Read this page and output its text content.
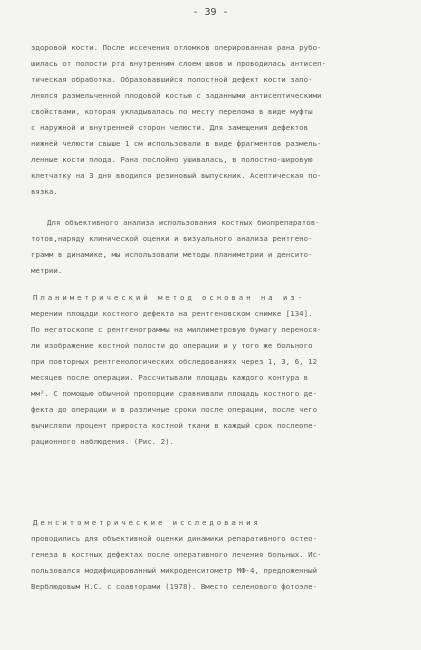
- 39 -
здоровой кости. После иссечения отломков оперированная рана рубо-
шилась от полости рта внутренним слоем швов и проводилась антисеп-
тическая обработка. Образовавшийся полостной дефект кости запо-
лнялся размельченной плодовой костью с заданными антисептическими
свойствами, которая укладывалась по месту перелома в виде муфты
с наружной и внутренней сторон челюсти. Для замещения дефектов
нижней челюсти свыше 1 см использовали в виде фрагментов размель-
ленные кости плода. Рана послойно ушивалась, в полостно-шировую
клетчатку на 3 дня вводился резиновый выпускник. Асептическая по-
вязка.
Для объективного анализа использования костных биопрепаратов-
тотов,наряду клинической оценки и визуального анализа рентгено-
грамм в динамике, мы использовали методы планиметрии и денсито-
метрии.
Планиметрический метод основан на из-
мерении площади костного дефекта на рентгеновском снимке [134].
По негатоскопе с рентгенограммы на миллиметровую бумагу перенося-
ли изображение костной полости до операции и у того же больного
при повторных рентгенологических обследованиях через 1, 3, 6, 12
месяцев после операции. Рассчитывали площадь каждого контура в
мм². С помощью обычной пропорции сравнивали площадь костного де-
фекта до операции и в различные сроки после операции, после чего
вычисляли процент прироста костной ткани в каждый срок послеопе-
рационного наблюдения. (Рис. 2).
Денситометрические исследования
проводились для объективной оценки динамики репаративного остео-
генеза в костных дефектах после оперативного лечения больных. Ис-
пользовался модифицированный микроденситометр МФ-4, предложенный
Верблюдовым Н.С. с соавторами (1978). Вместо селенового фотоэле-
